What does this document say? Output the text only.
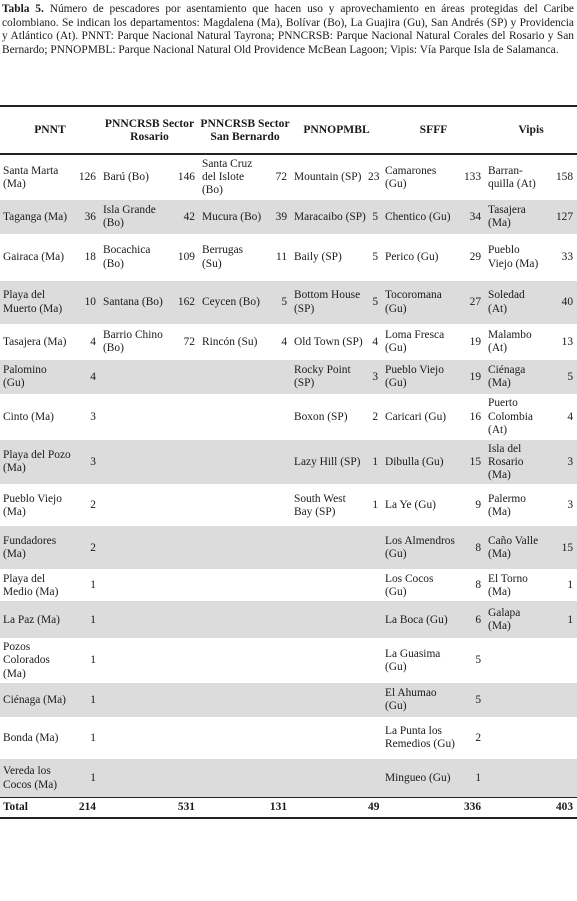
Tabla 5. Número de pescadores por asentamiento que hacen uso y aprovechamiento en áreas protegidas del Caribe colombiano. Se indican los departamentos: Magdalena (Ma), Bolívar (Bo), La Guajira (Gu), San Andrés (SP) y Providencia y Atlántico (At). PNNT: Parque Nacional Natural Tayrona; PNNCRSB: Parque Nacional Natural Corales del Rosario y San Bernardo; PNNOPMBL: Parque Nacional Natural Old Providence McBean Lagoon; Vipis: Vía Parque Isla de Salamanca.
PNNT		PNNCRSB Sector Rosario		PNNCRSB Sector San Bernardo		PNNOPMBL		SFFF		Vipis	
Santa Marta (Ma)	126	Barú (Bo)	146	Santa Cruz del Islote (Bo)	72	Mountain (SP)	23	Camarones (Gu)	133	Barran-quilla (At)	158
Taganga (Ma)	36	Isla Grande (Bo)	42	Mucura (Bo)	39	Maracaibo (SP)	5	Chentico (Gu)	34	Tasajera (Ma)	127
Gairaca (Ma)	18	Bocachica (Bo)	109	Berrugas (Su)	11	Baily (SP)	5	Perico (Gu)	29	Pueblo Viejo (Ma)	33
Playa del Muerto (Ma)	10	Santana (Bo)	162	Ceycen (Bo)	5	Bottom House (SP)	5	Tocoromana (Gu)	27	Soledad (At)	40
Tasajera (Ma)	4	Barrio Chino (Bo)	72	Rincón (Su)	4	Old Town (SP)	4	Loma Fresca (Gu)	19	Malambo (At)	13
Palomino (Gu)	4					Rocky Point (SP)	3	Pueblo Viejo (Gu)	19	Ciénaga (Ma)	5
Cinto (Ma)	3					Boxon (SP)	2	Caricari (Gu)	16	Puerto Colombia (At)	4
Playa del Pozo (Ma)	3					Lazy Hill (SP)	1	Dibulla (Gu)	15	Isla del Rosario (Ma)	3
Pueblo Viejo (Ma)	2					South West Bay (SP)	1	La Ye (Gu)	9	Palermo (Ma)	3
Fundadores (Ma)	2							Los Almendros (Gu)	8	Caño Valle (Ma)	15
Playa del Medio (Ma)	1							Los Cocos (Gu)	8	El Torno (Ma)	1
La Paz (Ma)	1							La Boca (Gu)	6	Galapa (Ma)	1
Pozos Colorados (Ma)	1							La Guasima (Gu)	5		
Ciénaga (Ma)	1							El Ahumao (Gu)	5		
Bonda (Ma)	1							La Punta los Remedios (Gu)	2		
Vereda los Cocos (Ma)	1							Mingueo (Gu)	1		
Total	214		531		131		49		336		403
